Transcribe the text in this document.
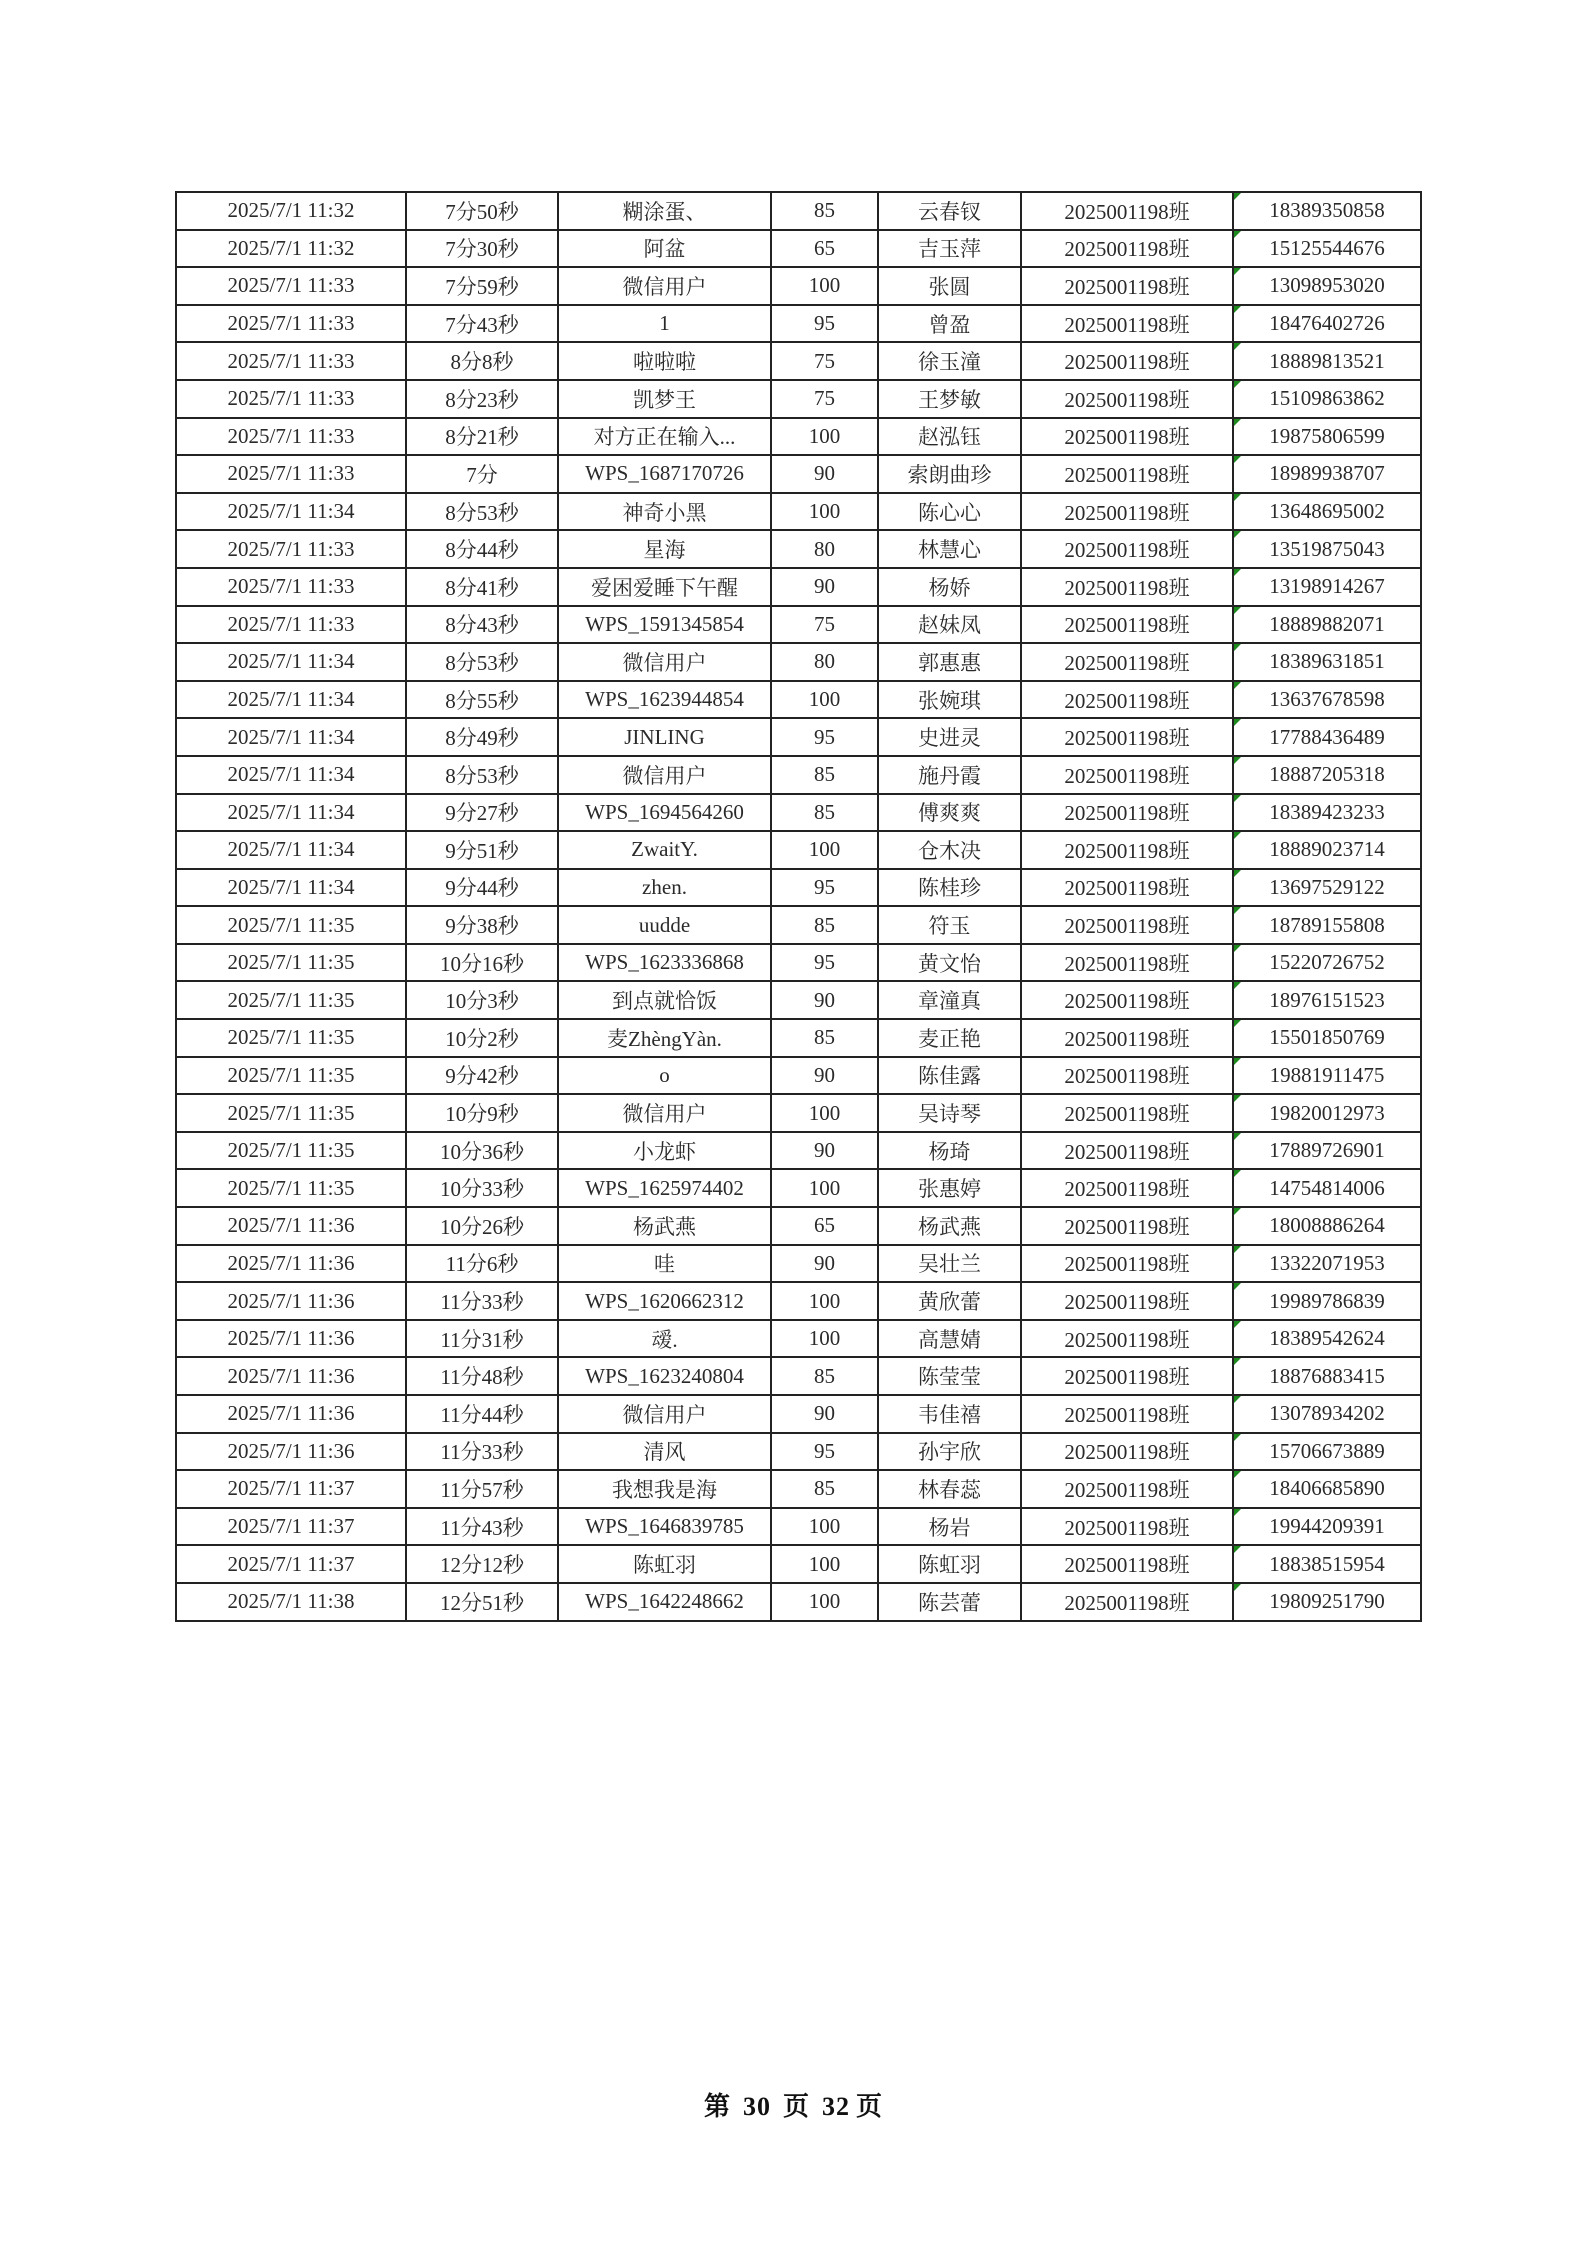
2025/7/1 11:32	7分50秒	糊涂蛋、	85	云春钗	2025001198班	18389350858
2025/7/1 11:32	7分30秒	阿盆	65	吉玉萍	2025001198班	15125544676
2025/7/1 11:33	7分59秒	微信用户	100	张圆	2025001198班	13098953020
2025/7/1 11:33	7分43秒	1	95	曾盈	2025001198班	18476402726
2025/7/1 11:33	8分8秒	啦啦啦	75	徐玉潼	2025001198班	18889813521
2025/7/1 11:33	8分23秒	凯梦王	75	王梦敏	2025001198班	15109863862
2025/7/1 11:33	8分21秒	对方正在输入...	100	赵泓钰	2025001198班	19875806599
2025/7/1 11:33	7分	WPS_1687170726	90	索朗曲珍	2025001198班	18989938707
2025/7/1 11:34	8分53秒	神奇小黑	100	陈心心	2025001198班	13648695002
2025/7/1 11:33	8分44秒	星海	80	林慧心	2025001198班	13519875043
2025/7/1 11:33	8分41秒	爱困爱睡下午醒	90	杨娇	2025001198班	13198914267
2025/7/1 11:33	8分43秒	WPS_1591345854	75	赵妹凤	2025001198班	18889882071
2025/7/1 11:34	8分53秒	微信用户	80	郭惠惠	2025001198班	18389631851
2025/7/1 11:34	8分55秒	WPS_1623944854	100	张婉琪	2025001198班	13637678598
2025/7/1 11:34	8分49秒	JINLING	95	史进灵	2025001198班	17788436489
2025/7/1 11:34	8分53秒	微信用户	85	施丹霞	2025001198班	18887205318
2025/7/1 11:34	9分27秒	WPS_1694564260	85	傅爽爽	2025001198班	18389423233
2025/7/1 11:34	9分51秒	ZwaitY.	100	仓木决	2025001198班	18889023714
2025/7/1 11:34	9分44秒	zhen.	95	陈桂珍	2025001198班	13697529122
2025/7/1 11:35	9分38秒	uudde	85	符玉	2025001198班	18789155808
2025/7/1 11:35	10分16秒	WPS_1623336868	95	黄文怡	2025001198班	15220726752
2025/7/1 11:35	10分3秒	到点就恰饭	90	章潼真	2025001198班	18976151523
2025/7/1 11:35	10分2秒	麦ZhèngYàn.	85	麦正艳	2025001198班	15501850769
2025/7/1 11:35	9分42秒	o	90	陈佳露	2025001198班	19881911475
2025/7/1 11:35	10分9秒	微信用户	100	吴诗琴	2025001198班	19820012973
2025/7/1 11:35	10分36秒	小龙虾	90	杨琦	2025001198班	17889726901
2025/7/1 11:35	10分33秒	WPS_1625974402	100	张惠婷	2025001198班	14754814006
2025/7/1 11:36	10分26秒	杨武燕	65	杨武燕	2025001198班	18008886264
2025/7/1 11:36	11分6秒	哇	90	吴壮兰	2025001198班	13322071953
2025/7/1 11:36	11分33秒	WPS_1620662312	100	黄欣蕾	2025001198班	19989786839
2025/7/1 11:36	11分31秒	叆.	100	高慧婧	2025001198班	18389542624
2025/7/1 11:36	11分48秒	WPS_1623240804	85	陈莹莹	2025001198班	18876883415
2025/7/1 11:36	11分44秒	微信用户	90	韦佳禧	2025001198班	13078934202
2025/7/1 11:36	11分33秒	清风	95	孙宇欣	2025001198班	15706673889
2025/7/1 11:37	11分57秒	我想我是海	85	林春蕊	2025001198班	18406685890
2025/7/1 11:37	11分43秒	WPS_1646839785	100	杨岩	2025001198班	19944209391
2025/7/1 11:37	12分12秒	陈虹羽	100	陈虹羽	2025001198班	18838515954
2025/7/1 11:38	12分51秒	WPS_1642248662	100	陈芸蕾	2025001198班	19809251790
第 30 页 32 页
